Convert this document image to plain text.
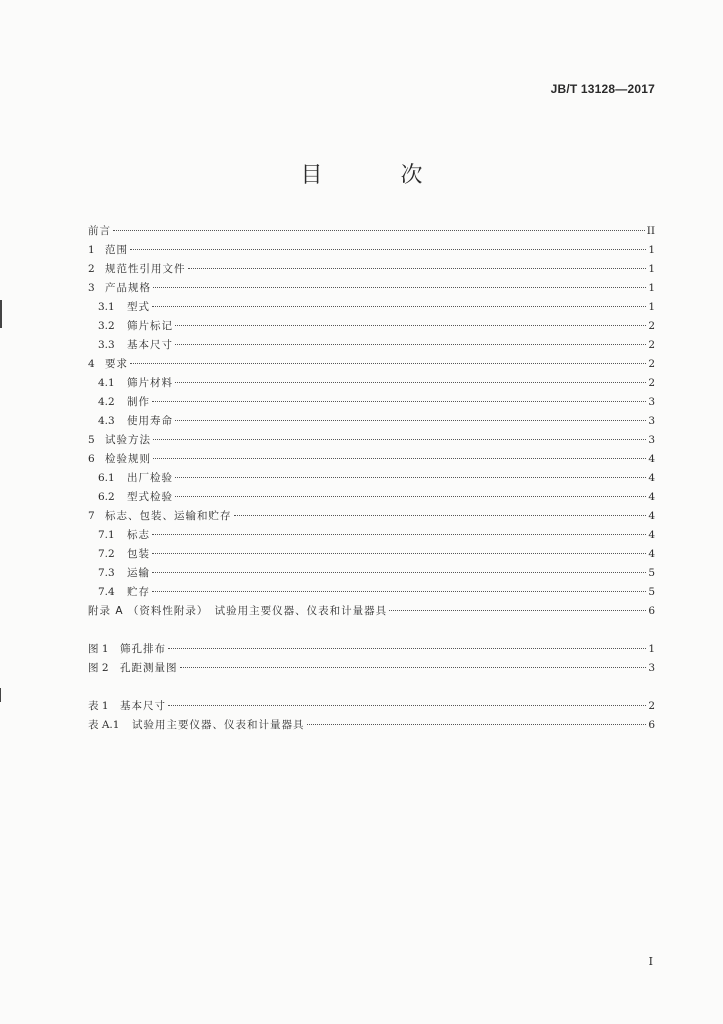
JB/T 13128—2017
目　次
前言	II
1 范围	1
2 规范性引用文件	1
3 产品规格	1
3.1	型式	1
3.2	筛片标记	2
3.3	基本尺寸	2
4 要求	2
4.1	筛片材料	2
4.2	制作	3
4.3	使用寿命	3
5 试验方法	3
6 检验规则	4
6.1	出厂检验	4
6.2	型式检验	4
7 标志、包装、运输和贮存	4
7.1	标志	4
7.2	包装	4
7.3	运输	5
7.4	贮存	5
附录 A （资料性附录）　试验用主要仪器、仪表和计量器具	6
图 1	筛孔排布	1
图 2	孔距测量图	3
表 1	基本尺寸	2
表 A.1	试验用主要仪器、仪表和计量器具	6
I
